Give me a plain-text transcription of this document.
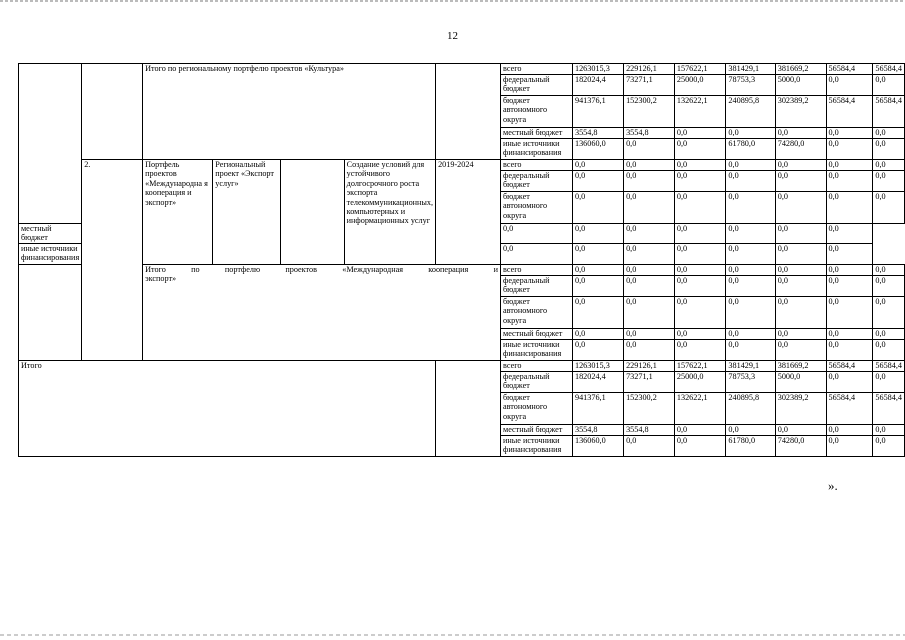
12
		Итого по региональному портфелю проектов «Культура»					всего	1263015,3	229126,1	157622,1	381429,1	381669,2	56584,4	56584,4
							федеральный бюджет	182024,4	73271,1	25000,0	78753,3	5000,0	0,0	0,0
							бюджет автономного округа	941376,1	152300,2	132622,1	240895,8	302389,2	56584,4	56584,4
							местный бюджет	3554,8	3554,8	0,0	0,0	0,0	0,0	0,0
							иные источники финансирования	136060,0	0,0	0,0	61780,0	74280,0	0,0	0,0
	2.	Портфель проектов «Международна я кооперация и экспорт»	Региональный проект «Экспорт услуг»		Создание условий для устойчивого долгосрочного роста экспорта телекоммуникационных, компьютерных и информационных услуг	2019-2024	всего	0,0	0,0	0,0	0,0	0,0	0,0	0,0
							федеральный бюджет	0,0	0,0	0,0	0,0	0,0	0,0	0,0
							бюджет автономного округа	0,0	0,0	0,0	0,0	0,0	0,0	0,0
местный бюджет							0,0	0,0	0,0	0,0	0,0	0,0	0,0	
иные источники финансирования							0,0	0,0	0,0	0,0	0,0	0,0	0,0	

		Итого по портфелю проектов «Международная кооперация и
экспорт»					всего	0,0	0,0	0,0	0,0	0,0	0,0	0,0
							федеральный бюджет	0,0	0,0	0,0	0,0	0,0	0,0	0,0
							бюджет автономного округа	0,0	0,0	0,0	0,0	0,0	0,0	0,0
							местный бюджет	0,0	0,0	0,0	0,0	0,0	0,0	0,0
							иные источники финансирования	0,0	0,0	0,0	0,0	0,0	0,0	0,0
Итого							всего	1263015,3	229126,1	157622,1	381429,1	381669,2	56584,4	56584,4
							федеральный бюджет	182024,4	73271,1	25000,0	78753,3	5000,0	0,0	0,0
							бюджет автономного округа	941376,1	152300,2	132622,1	240895,8	302389,2	56584,4	56584,4
							местный бюджет	3554,8	3554,8	0,0	0,0	0,0	0,0	0,0
							иные источники финансирования	136060,0	0,0	0,0	61780,0	74280,0	0,0	0,0
».
